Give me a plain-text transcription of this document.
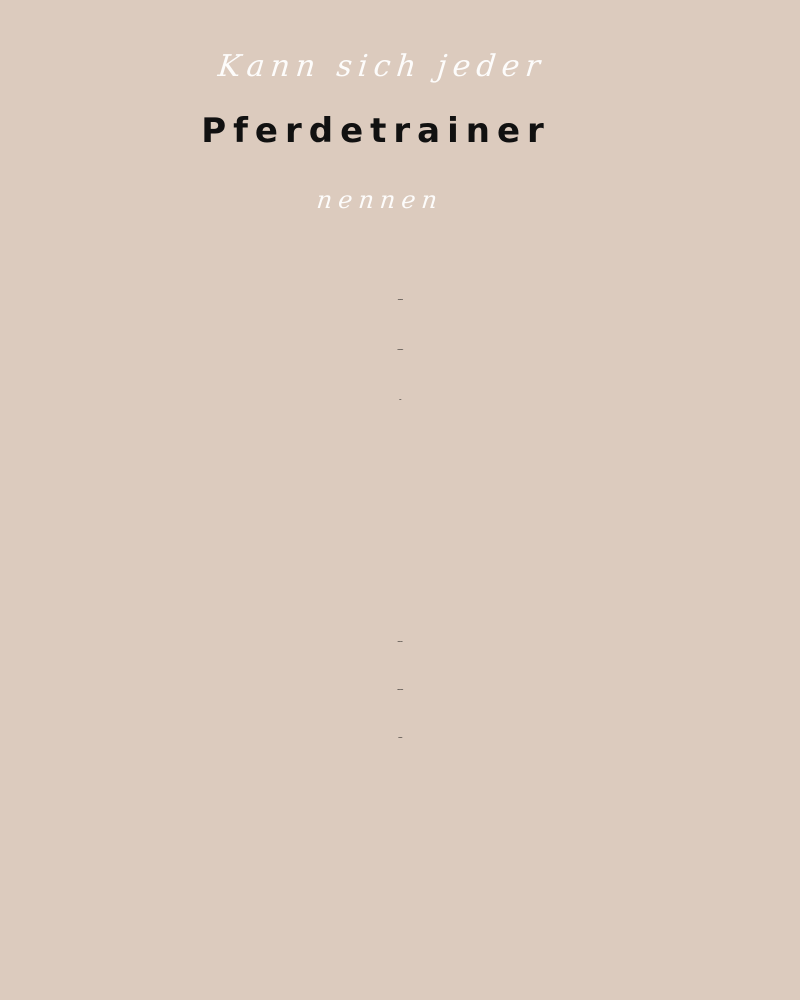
Kann sich jeder
Pferdetrainer
nennen

Schon in meiner Jugend erlernte ich das Westernreiten bei
verschiedenen Trainern und besuchte diverse Kurse und
Weiterbildungen.

Ich bin einige Jahre auf diverse Pferdemessen gefahren
und hatte große Freude am Showreiten wofür die Pferde
besonders fein ausgebildet sein mussten.
